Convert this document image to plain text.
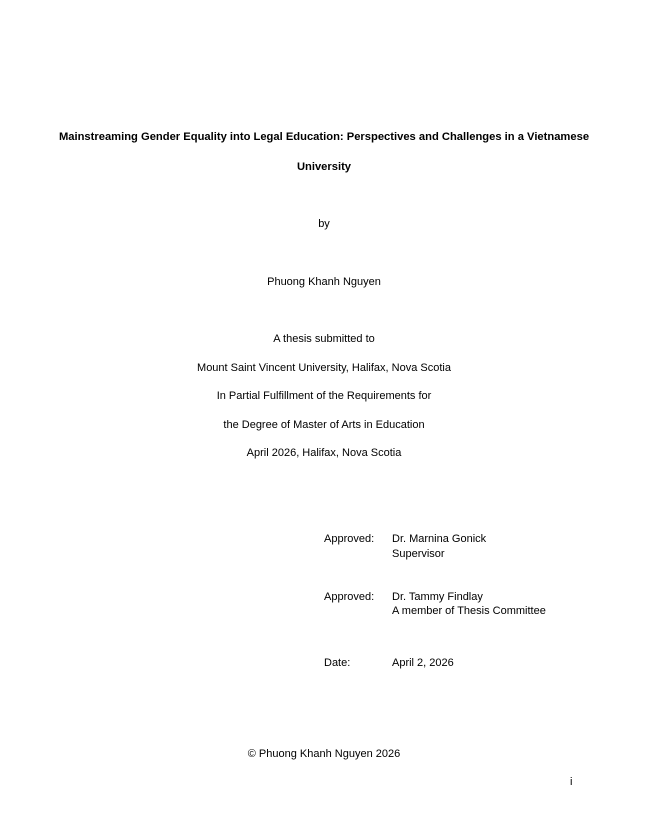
Mainstreaming Gender Equality into Legal Education: Perspectives and Challenges in a Vietnamese
University
by
Phuong Khanh Nguyen
A thesis submitted to
Mount Saint Vincent University, Halifax, Nova Scotia
In Partial Fulfillment of the Requirements for
the Degree of Master of Arts in Education
April 2026, Halifax, Nova Scotia
Approved: Dr. Marnina Gonick
Supervisor
Approved: Dr. Tammy Findlay
A member of Thesis Committee
Date:	April 2, 2026
© Phuong Khanh Nguyen 2026
i
